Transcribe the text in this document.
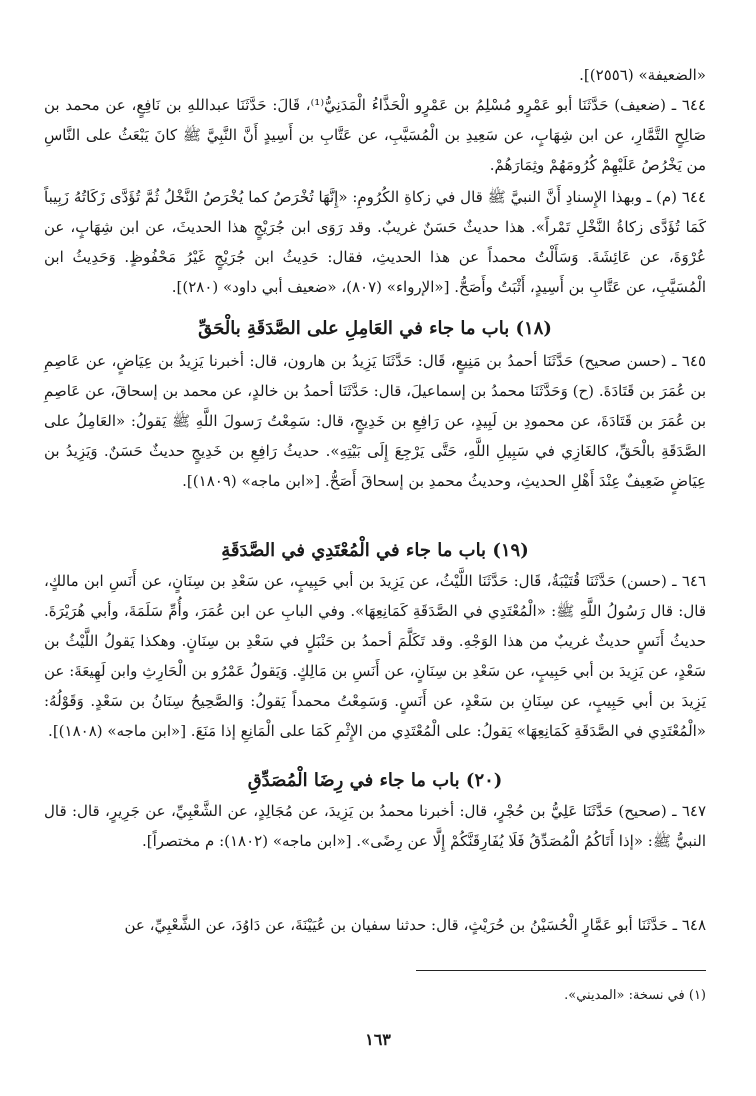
«الضعيفة» (٢٥٥٦)].
٦٤٤ ـ (ضعيف) حَدَّثَنَا أبو عَمْرٍو مُسْلِمُ بن عَمْرٍو الْحَذَّاءُ الْمَدَنِيُّ⁽¹⁾، قَالَ: حَدَّثَنَا عبداللهِ بن نَافِعٍ، عن محمد بن صَالِحٍ التَّمَّارِ، عن ابن شِهَابٍ، عن سَعِيدِ بن الْمُسَيَّبِ، عن عَتَّابِ بن أَسِيدٍ أَنَّ النَّبِيَّ ﷺ كانَ يَبْعَثُ على النَّاسِ من يَخْرُصُ عَلَيْهِمْ كُرُومَهُمْ وثِمَارَهُمْ.
٦٤٤ (م) ـ وبهذا الإِسنادِ أَنَّ النبيَّ ﷺ قال في زكاةِ الكُرُومِ: «إِنَّهَا تُخْرَصُ كما يُخْرَصُ النَّخْلُ ثُمَّ تُؤَدَّى زَكَاتُهُ زَبِيباً كَمَا تُؤَدَّى زكاةُ النَّخْلِ تَمْراً». هذا حديثٌ حَسَنٌ غريبٌ. وقد رَوَى ابن جُرَيْجٍ هذا الحديثَ، عن ابن شِهَابٍ، عن عُرْوَةَ، عن عَائِشَةَ. وَسَأَلْتُ محمداً عن هذا الحديثِ، فقال: حَدِيثُ ابن جُرَيْجٍ غَيْرُ مَحْفُوظٍ. وَحَدِيثُ ابن الْمُسَيَّبِ، عن عَتَّابِ بن أَسِيدٍ، أَثْبَتُ وأَصَحُّ. [«الإرواء» (٨٠٧)، «ضعيف أبي داود» (٢٨٠)].
(١٨) باب ما جاء في العَامِلِ على الصَّدَقَةِ بالْحَقِّ
٦٤٥ ـ (حسن صحيح) حَدَّثَنَا أحمدُ بن مَنِيعٍ، قَال: حَدَّثَنَا يَزِيدُ بن هارون، قال: أخبرنا يَزِيدُ بن عِيَاضٍ، عن عَاصِمِ بن عُمَرَ بن قَتَادَةَ. (ح) وَحَدَّثَنَا محمدُ بن إسماعيلَ، قال: حَدَّثَنَا أحمدُ بن خالدٍ، عن محمد بن إسحاقَ، عن عَاصِمِ بن عُمَرَ بن قَتَادَةَ، عن محمودِ بن لَبِيدٍ، عن رَافِعِ بن خَدِيجٍ، قال: سَمِعْتُ رَسولَ اللَّهِ ﷺ يَقولُ: «العَامِلُ على الصَّدَقَةِ بالْحَقِّ، كالغَازِي في سَبِيلِ اللَّهِ، حَتَّى يَرْجِعَ إِلَى بَيْتِهِ». حديثُ رَافِعِ بن خَدِيجٍ حديثٌ حَسَنٌ. وَيَزِيدُ بن عِيَاضٍ ضَعِيفٌ عِنْدَ أَهْلِ الحديثِ، وحديثُ محمدِ بن إسحاقَ أَصَحُّ. [«ابن ماجه» (١٨٠٩)].
(١٩) باب ما جاء في الْمُعْتَدِي في الصَّدَقَةِ
٦٤٦ ـ (حسن) حَدَّثَنَا قُتَيْبَةُ، قَال: حَدَّثَنَا اللَّيْثُ، عن يَزِيدَ بن أبي حَبِيبٍ، عن سَعْدِ بن سِنَانٍ، عن أَنَسِ ابن مالكٍ، قال: قال رَسُولُ اللَّهِ ﷺ: «الْمُعْتَدِي في الصَّدَقَةِ كَمَانِعِهَا». وفي البابِ عن ابن عُمَرَ، وأُمِّ سَلَمَةَ، وأبي هُرَيْرَةَ. حديثُ أَنَسٍ حديثٌ غريبٌ من هذا الوَجْهِ. وقد تَكَلَّمَ أحمدُ بن حَنْبَلٍ في سَعْدِ بن سِنَانٍ. وهكذا يَقولُ اللَّيْثُ بن سَعْدٍ، عن يَزِيدَ بن أبي حَبِيبٍ، عن سَعْدِ بن سِنَانٍ، عن أَنَسِ بن مَالِكٍ. وَيَقولُ عَمْرُو بن الْحَارِثِ وابن لَهِيعَةَ: عن يَزِيدَ بن أبي حَبِيبٍ، عن سِنَانِ بن سَعْدٍ، عن أَنَسٍ. وَسَمِعْتُ محمداً يَقولُ: وَالصَّحِيحُ سِنَانُ بن سَعْدٍ. وَقَوْلُهُ: «الْمُعْتَدِي في الصَّدَقَةِ كَمَانِعِهَا» يَقولُ: على الْمُعْتَدِي من الإِثْمِ كَمَا على الْمَانِعِ إذا مَنَعَ. [«ابن ماجه» (١٨٠٨)].
(٢٠) باب ما جاء في رِضَا الْمُصَدِّقِ
٦٤٧ ـ (صحيح) حَدَّثَنَا عَلِيُّ بن حُجْرٍ، قال: أخبرنا محمدُ بن يَزِيدَ، عن مُجَالِدٍ، عن الشَّعْبِيِّ، عن جَرِيرٍ، قال: قال النبيُّ ﷺ: «إذا أَتَاكُمُ الْمُصَدِّقُ فَلَا يُفَارِقَنَّكُمْ إِلَّا عن رِضًى». [«ابن ماجه» (١٨٠٢): م مختصراً].
٦٤٨ ـ حَدَّثَنَا أبو عَمَّارٍ الْحُسَيْنُ بن حُرَيْثٍ، قال: حدثنا سفيان بن عُيَيْنَةَ، عن دَاوُدَ، عن الشَّعْبِيِّ، عن
(١) في نسخة: «المديني».
١٦٣
